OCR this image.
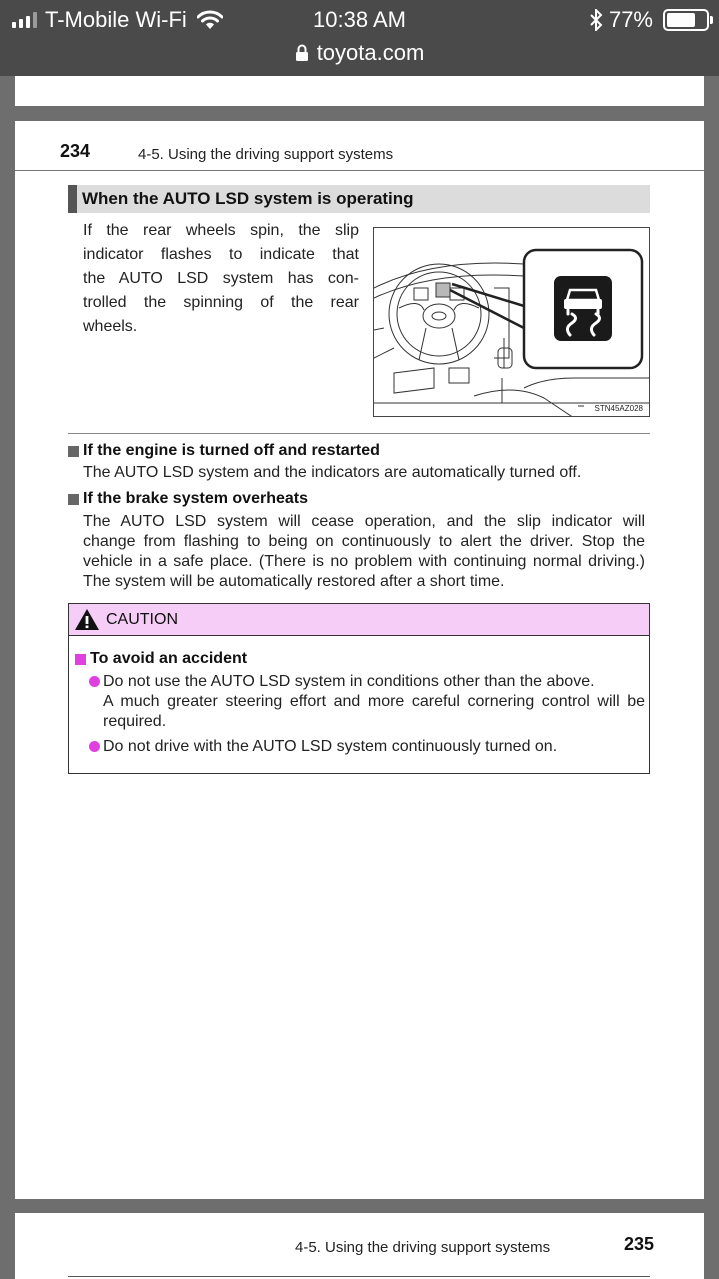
T-Mobile Wi-Fi	10:38 AM	77%
toyota.com
234	4-5. Using the driving support systems
When the AUTO LSD system is operating
If the rear wheels spin, the slip
indicator flashes to indicate that
the AUTO LSD system has con-
trolled the spinning of the rear
wheels.
STN45AZ028
If the engine is turned off and restarted
The AUTO LSD system and the indicators are automatically turned off.
If the brake system overheats
The AUTO LSD system will cease operation, and the slip indicator will
change from flashing to being on continuously to alert the driver. Stop the
vehicle in a safe place. (There is no problem with continuing normal driving.)
The system will be automatically restored after a short time.
CAUTION
To avoid an accident
Do not use the AUTO LSD system in conditions other than the above.
A much greater steering effort and more careful cornering control will be
required.
Do not drive with the AUTO LSD system continuously turned on.
4-5. Using the driving support systems	235
